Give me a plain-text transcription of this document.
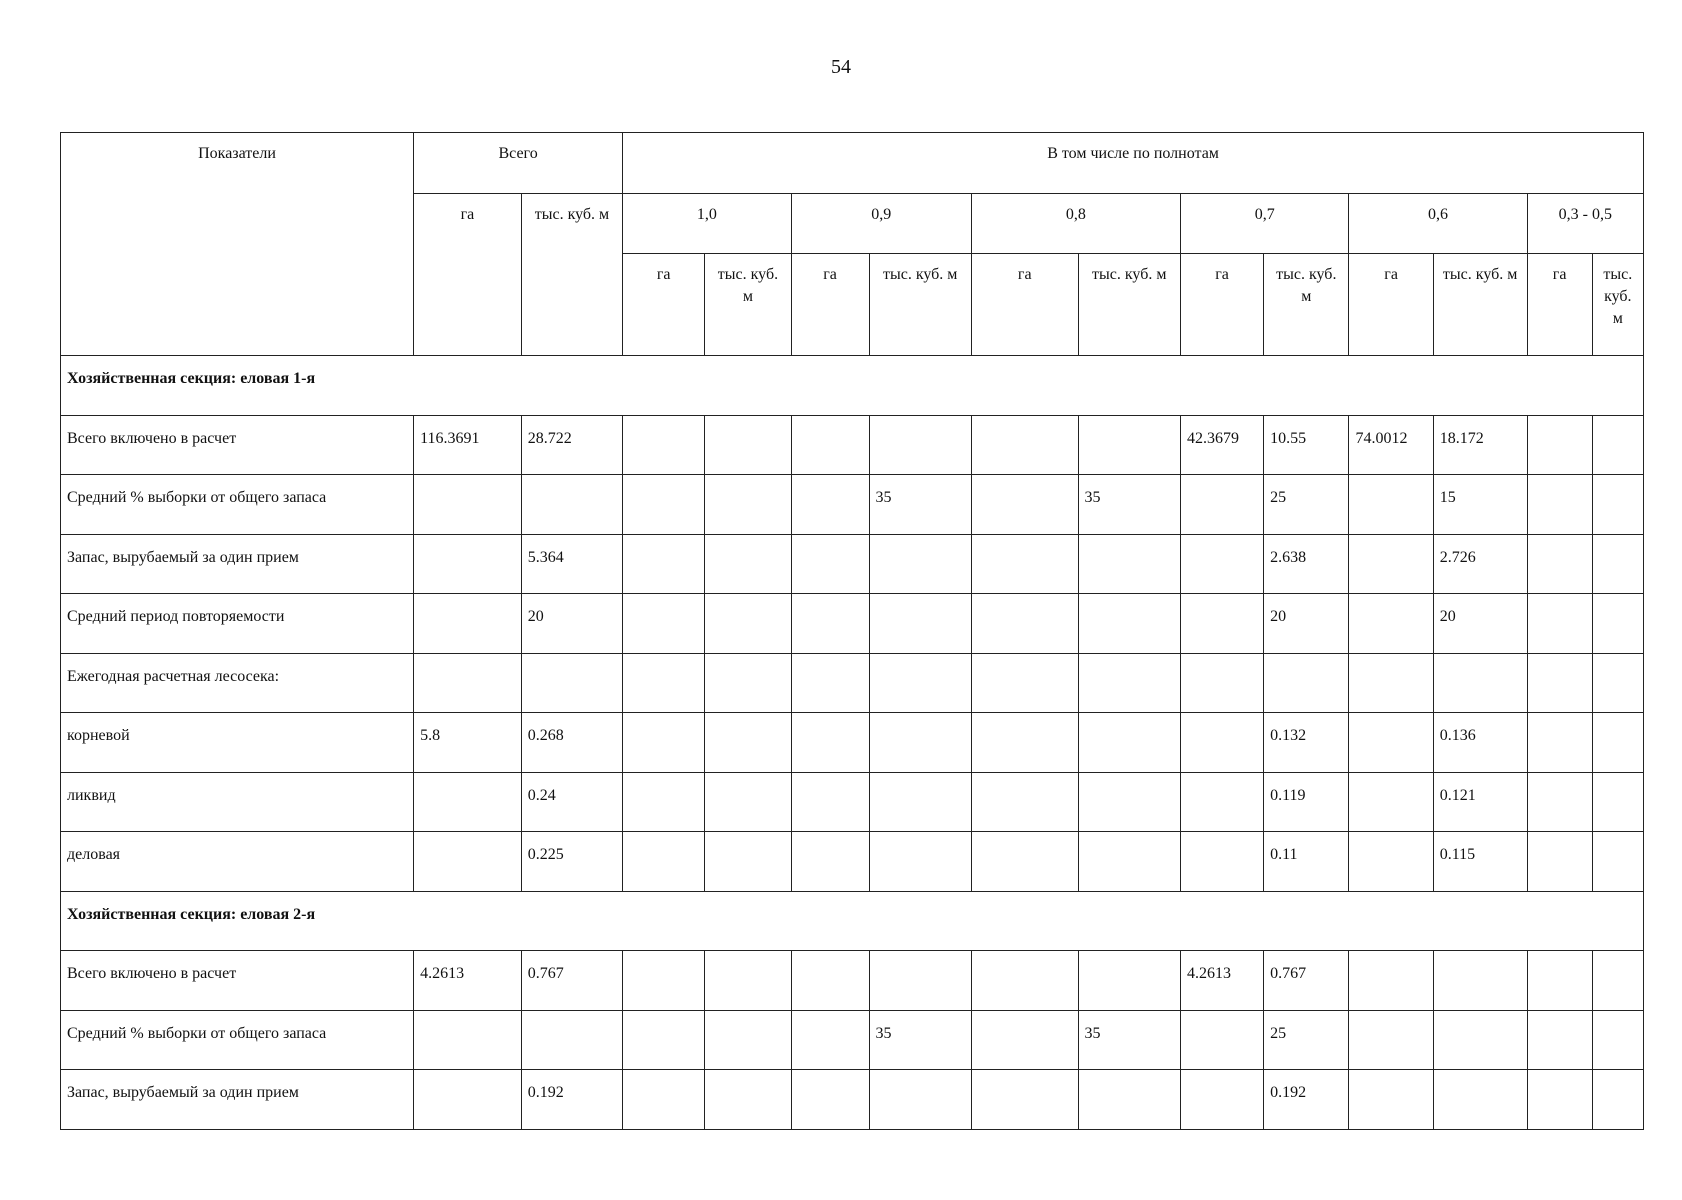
54
Показатели	Всего		В том числе по полнотам											
	га	тыс. куб. м	1,0		0,9		0,8		0,7		0,6		0,3 - 0,5	
			га	тыс. куб. м	га	тыс. куб. м	га	тыс. куб. м	га	тыс. куб. м	га	тыс. куб. м	га	тыс. куб. м
Хозяйственная секция: еловая 1-я														
Всего включено в расчет	116.3691	28.722							42.3679	10.55	74.0012	18.172		
Средний % выборки от общего запаса						35		35		25		15		
Запас, вырубаемый за один прием		5.364								2.638		2.726		
Средний период повторяемости		20								20		20		
Ежегодная расчетная лесосека:														
корневой	5.8	0.268								0.132		0.136		
ликвид		0.24								0.119		0.121		
деловая		0.225								0.11		0.115		
Хозяйственная секция: еловая 2-я														
Всего включено в расчет	4.2613	0.767							4.2613	0.767				
Средний % выборки от общего запаса						35		35		25				
Запас, вырубаемый за один прием		0.192								0.192				
